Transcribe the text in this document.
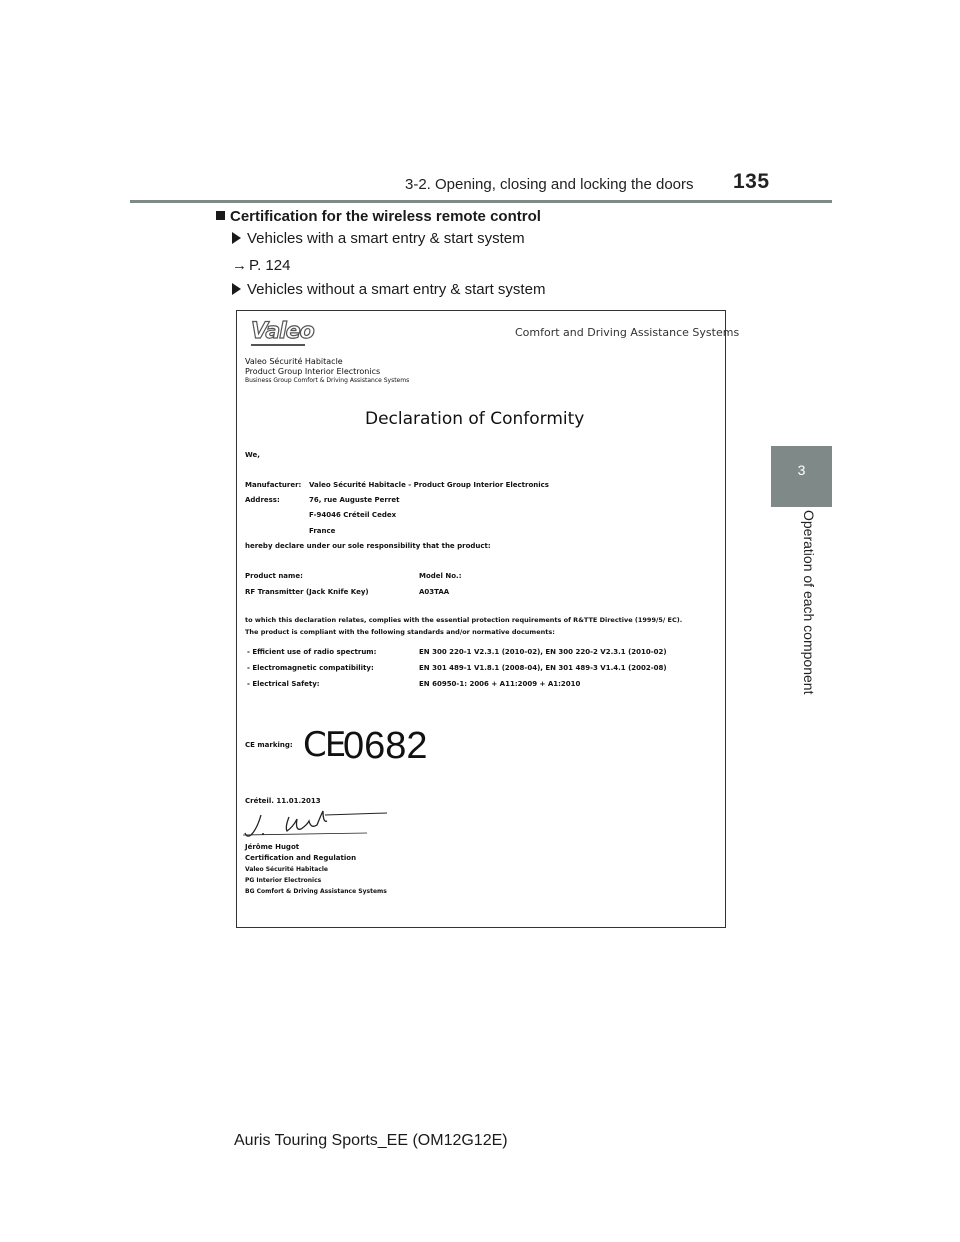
3-2. Opening, closing and locking the doors 135
3
Operation of each component
Certification for the wireless remote control
Vehicles with a smart entry & start system
→ P. 124
Vehicles without a smart entry & start system
Valeo	Comfort and Driving Assistance Systems
Valeo Sécurité Habitacle
Product Group Interior Electronics
Business Group Comfort & Driving Assistance Systems
Declaration of Conformity
We,
Manufacturer: Valeo Sécurité Habitacle - Product Group Interior Electronics
Address:	76, rue Auguste Perret
F-94046 Créteil Cedex
France
hereby declare under our sole responsibility that the product:
Product name:	Model No.:
RF Transmitter (Jack Knife Key)	A03TAA
to which this declaration relates, complies with the essential protection requirements of R&TTE Directive (1999/5/ EC).
The product is compliant with the following standards and/or normative documents:
- Efficient use of radio spectrum:	EN 300 220-1 V2.3.1 (2010-02), EN 300 220-2 V2.3.1 (2010-02)
- Electromagnetic compatibility:	EN 301 489-1 V1.8.1 (2008-04), EN 301 489-3 V1.4.1 (2002-08)
- Electrical Safety:	EN 60950-1: 2006 + A11:2009 + A1:2010
CE marking: CE
0682
Créteil. 11.01.2013
Jérôme Hugot
Certification and Regulation
Valeo Sécurité Habitacle
PG Interior Electronics
BG Comfort & Driving Assistance Systems
Auris Touring Sports_EE (OM12G12E)
